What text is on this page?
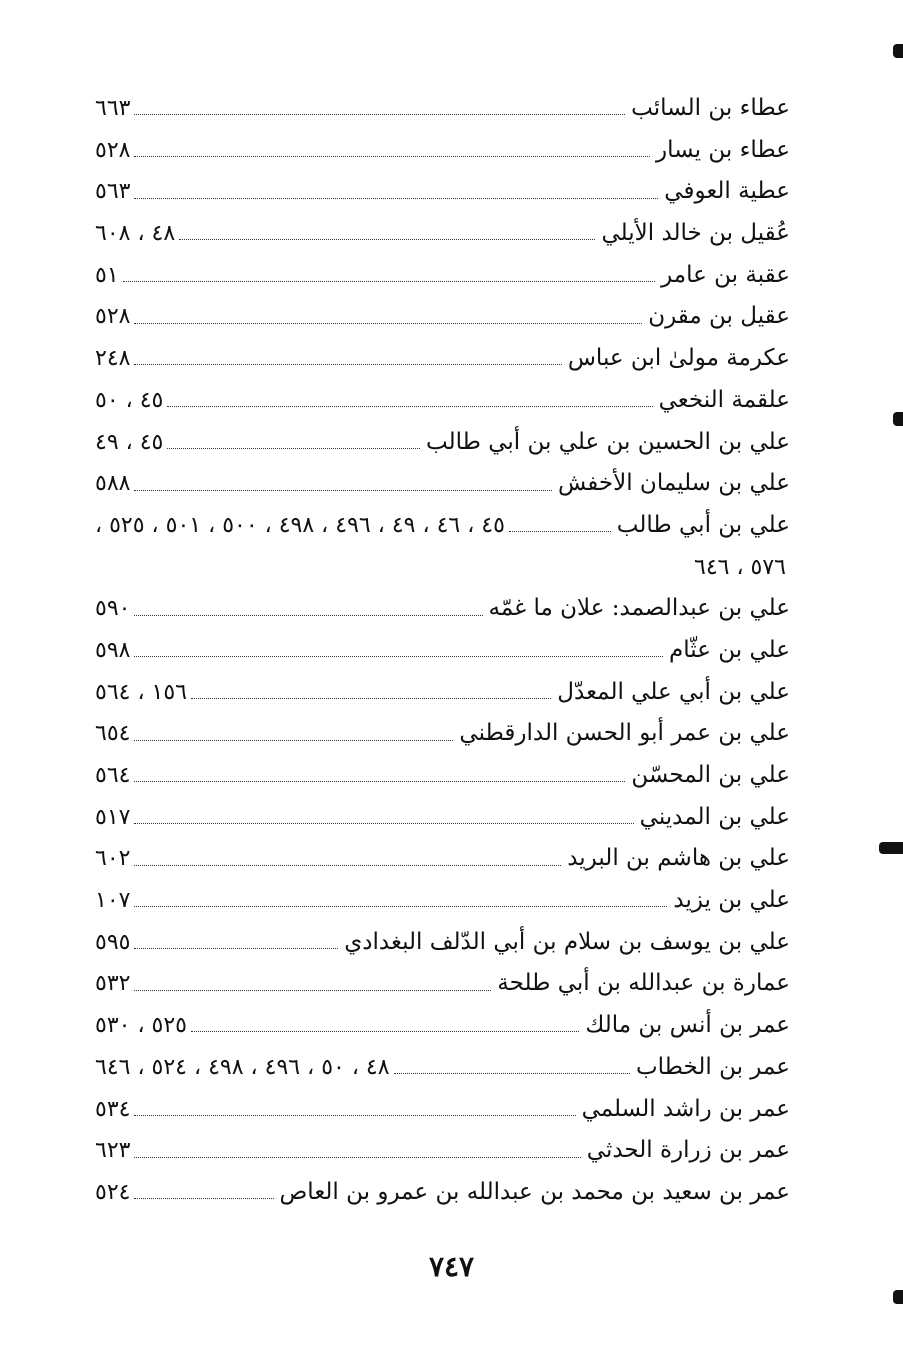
عطاء بن السائب
٦٦٣
عطاء بن يسار
٥٢٨
عطية العوفي
٥٦٣
عُقيل بن خالد الأيلي
٤٨ ، ٦٠٨
عقبة بن عامر
٥١
عقيل بن مقرن
٥٢٨
عكرمة مولىٰ ابن عباس
٢٤٨
علقمة النخعي
٤٥ ، ٥٠
علي بن الحسين بن علي بن أبي طالب
٤٥ ، ٤٩
علي بن سليمان الأخفش
٥٨٨
علي بن أبي طالب
٤٥ ، ٤٦ ، ٤٩ ، ٤٩٦ ، ٤٩٨ ، ٥٠٠ ، ٥٠١ ، ٥٢٥ ،
٥٧٦ ، ٦٤٦
علي بن عبدالصمد: علان ما غمّه
٥٩٠
علي بن عثّام
٥٩٨
علي بن أبي علي المعدّل
١٥٦ ، ٥٦٤
علي بن عمر أبو الحسن الدارقطني
٦٥٤
علي بن المحسّن
٥٦٤
علي بن المديني
٥١٧
علي بن هاشم بن البريد
٦٠٢
علي بن يزيد
١٠٧
علي بن يوسف بن سلام بن أبي الدّلف البغدادي
٥٩٥
عمارة بن عبدالله بن أبي طلحة
٥٣٢
عمر بن أنس بن مالك
٥٢٥ ، ٥٣٠
عمر بن الخطاب
٤٨ ، ٥٠ ، ٤٩٦ ، ٤٩٨ ، ٥٢٤ ، ٦٤٦
عمر بن راشد السلمي
٥٣٤
عمر بن زرارة الحدثي
٦٢٣
عمر بن سعيد بن محمد بن عبدالله بن عمرو بن العاص
٥٢٤
٧٤٧
